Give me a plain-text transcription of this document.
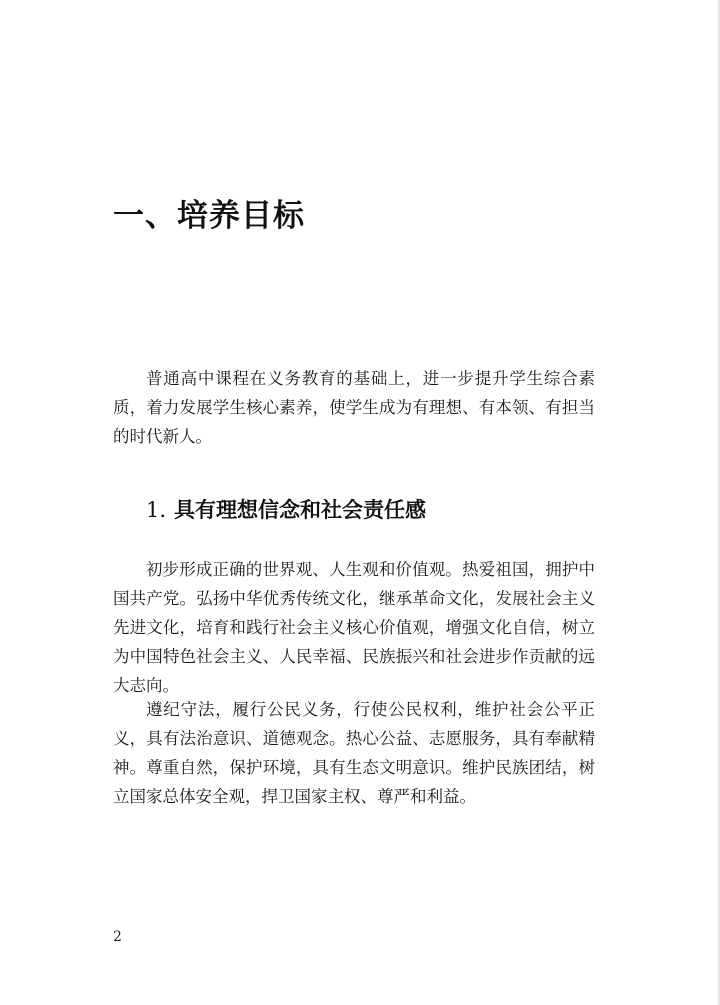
一、培养目标

普通高中课程在义务教育的基础上，进一步提升学生综合素质，着力发展学生核心素养，使学生成为有理想、有本领、有担当的时代新人。

1. 具有理想信念和社会责任感

初步形成正确的世界观、人生观和价值观。热爱祖国，拥护中国共产党。弘扬中华优秀传统文化，继承革命文化，发展社会主义先进文化，培育和践行社会主义核心价值观，增强文化自信，树立为中国特色社会主义、人民幸福、民族振兴和社会进步作贡献的远大志向。

遵纪守法，履行公民义务，行使公民权利，维护社会公平正义，具有法治意识、道德观念。热心公益、志愿服务，具有奉献精神。尊重自然，保护环境，具有生态文明意识。维护民族团结，树立国家总体安全观，捍卫国家主权、尊严和利益。

2
